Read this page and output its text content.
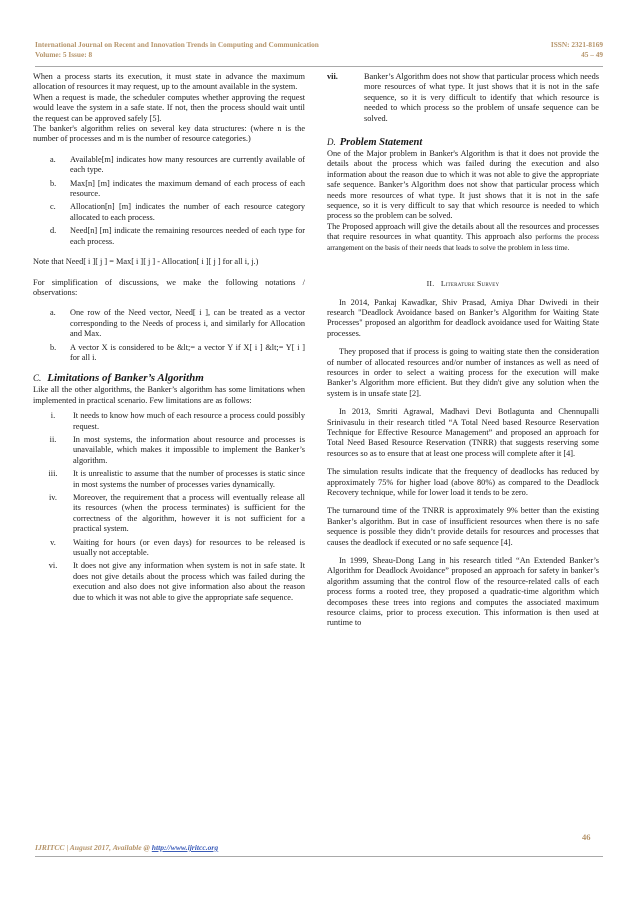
International Journal on Recent and Innovation Trends in Computing and Communication	ISSN: 2321-8169
Volume: 5 Issue: 8	45 – 49

When a process starts its execution, it must state in advance the maximum allocation of resources it may request, up to the amount available in the system.

When a request is made, the scheduler computes whether approving the request would leave the system in a safe state. If not, then the process should wait until the request can be approved safely [5].

The banker's algorithm relies on several key data structures: (where n is the number of processes and m is the number of resource categories.)

a.	Available[m] indicates how many resources are currently available of each type.
b.	Max[n] [m] indicates the maximum demand of each process of each resource.
c.	Allocation[n] [m] indicates the number of each resource category allocated to each process.
d.	Need[n] [m] indicate the remaining resources needed of each type for each process.

Note that Need[ i ][ j ] = Max[ i ][ j ] - Allocation[ i ][ j ] for all i, j.)

For simplification of discussions, we make the following notations / observations:

a.	One row of the Need vector, Need[ i ], can be treated as a vector corresponding to the Needs of process i, and similarly for Allocation and Max.
b.	A vector X is considered to be &lt;= a vector Y if X[ i ] &lt;= Y[ i ] for all i.
C. Limitations of Banker’s Algorithm

Like all the other algorithms, the Banker’s algorithm has some limitations when implemented in practical scenario. Few limitations are as follows:

i.	It needs to know how much of each resource a process could possibly request.
ii.	In most systems, the information about resource and processes is unavailable, which makes it impossible to implement the Banker’s algorithm.
iii.	It is unrealistic to assume that the number of processes is static since in most systems the number of processes varies dynamically.
iv.	Moreover, the requirement that a process will eventually release all its resources (when the process terminates) is sufficient for the correctness of the algorithm, however it is not sufficient for a practical system.
v.	Waiting for hours (or even days) for resources to be released is usually not acceptable.
vi.	It does not give any information when system is not in safe state. It does not give details about the process which was failed during the execution and also does not give information also about the reason due to which it was not able to give the appropriate safe sequence.
vii.	Banker’s Algorithm does not show that particular process which needs more resources of what type. It just shows that it is not in the safe sequence, so it is very difficult to identify that which resource is needed to which process so the problem of unsafe sequence can be solved.
D. Problem Statement

One of the Major problem in Banker's Algorithm is that it does not provide the details about the process which was failed during the execution and also information about the reason due to which it was not able to give the appropriate safe sequence. Banker’s Algorithm does not show that particular process which needs more resources of what type. It just shows that it is not in the safe sequence, so it is very difficult to say that which resource is needed to which process so the problem can be solved.

The Proposed approach will give the details about all the resources and processes that require resources in what quantity. This approach also performs the process arrangement on the basis of their needs that leads to solve the problem in less time.

II. Literature Survey

In 2014, Pankaj Kawadkar, Shiv Prasad, Amiya Dhar Dwivedi in their research "Deadlock Avoidance based on Banker’s Algorithm for Waiting State Processes" proposed an algorithm for deadlock avoidance used for Waiting State processes.

They proposed that if process is going to waiting state then the consideration of number of allocated resources and/or number of instances as well as need of resources in order to select a waiting process for the execution will make Banker’s Algorithm more efficient. But they didn't give any solution when the system is in unsafe state [2].

In 2013, Smriti Agrawal, Madhavi Devi Botlagunta and Chennupalli Srinivasulu in their research titled “A Total Need based Resource Reservation Technique for Effective Resource Management” and proposed an approach for Total Need Based Resource Reservation (TNRR) that suggests reserving some resources so as to ensure that at least one process will complete after it [4].

The simulation results indicate that the frequency of deadlocks has reduced by approximately 75% for higher load (above 80%) as compared to the Deadlock Recovery technique, while for lower load it tends to be zero.

The turnaround time of the TNRR is approximately 9% better than the existing Banker’s algorithm. But in case of insufficient resources when there is no safe sequence is possible they didn’t provide details for resources and processes that causes the deadlock if executed or no safe sequence [4].

In 1999, Sheau-Dong Lang in his research titled “An Extended Banker’s Algorithm for Deadlock Avoidance” proposed an approach for safety in banker’s algorithm assuming that the control flow of the resource-related calls of each process forms a rooted tree, they proposed a quadratic-time algorithm which decomposes these trees into regions and computes the associated maximum resource claims, prior to process execution. This information is then used at runtime to

46
IJRITCC | August 2017, Available @ http://www.ijritcc.org
